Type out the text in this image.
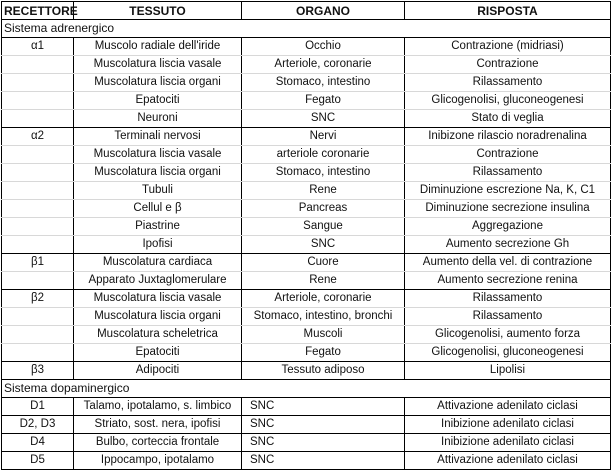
RECETTORE	TESSUTO	ORGANO	RISPOSTA
Sistema adrenergico			
α1	Muscolo radiale dell'iride	Occhio	Contrazione (midriasi)
	Muscolatura liscia vasale	Arteriole, coronarie	Contrazione
	Muscolatura liscia organi	Stomaco, intestino	Rilassamento
	Epatociti	Fegato	Glicogenolisi, gluconeogenesi
	Neuroni	SNC	Stato di veglia
α2	Terminali nervosi	Nervi	Inibizone rilascio noradrenalina
	Muscolatura liscia vasale	arteriole coronarie	Contrazione
	Muscolatura liscia organi	Stomaco, intestino	Rilassamento
	Tubuli	Rene	Diminuzione escrezione Na, K, C1
	Cellul e β	Pancreas	Diminuzione secrezione insulina
	Piastrine	Sangue	Aggregazione
	Ipofisi	SNC	Aumento secrezione Gh
β1	Muscolatura cardiaca	Cuore	Aumento della vel. di contrazione
	Apparato Juxtaglomerulare	Rene	Aumento secrezione renina
β2	Muscolatura liscia vasale	Arteriole, coronarie	Rilassamento
	Muscolatura liscia organi	Stomaco, intestino, bronchi	Rilassamento
	Muscolatura scheletrica	Muscoli	Glicogenolisi, aumento forza
	Epatociti	Fegato	Glicogenolisi, gluconeogenesi
β3	Adipociti	Tessuto adiposo	Lipolisi
Sistema dopaminergico			
D1	Talamo, ipotalamo, s. limbico	SNC	Attivazione adenilato ciclasi
D2, D3	Striato, sost. nera, ipofisi	SNC	Inibizione adenilato ciclasi
D4	Bulbo, corteccia frontale	SNC	Inibizione adenilato ciclasi
D5	Ippocampo, ipotalamo	SNC	Attivazione adenilato ciclasi
